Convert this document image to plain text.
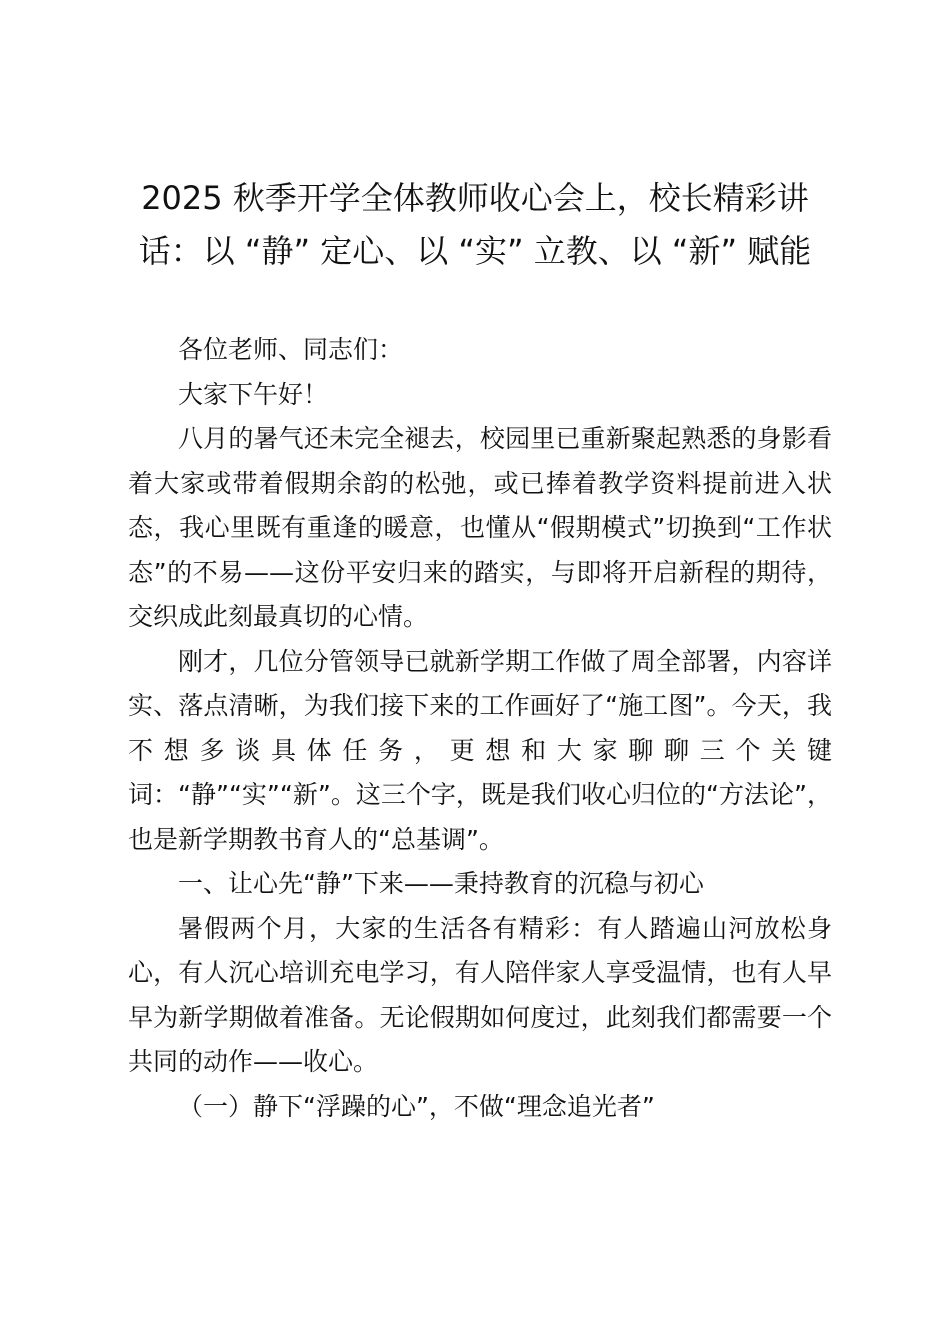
2025 秋季开学全体教师收心会上，校长精彩讲话：以 “静” 定心、以 “实” 立教、以 “新” 赋能

各位老师、同志们：

大家下午好！

八月的暑气还未完全褪去，校园里已重新聚起熟悉的身影看着大家或带着假期余韵的松弛，或已捧着教学资料提前进入状态，我心里既有重逢的暖意，也懂从“假期模式”切换到“工作状态”的不易——这份平安归来的踏实，与即将开启新程的期待，交织成此刻最真切的心情。

刚才，几位分管领导已就新学期工作做了周全部署，内容详实、落点清晰，为我们接下来的工作画好了“施工图”。今天，我不想多谈具体任务，更想和大家聊聊三个关键词：“静”“实”“新”。这三个字，既是我们收心归位的“方法论”，也是新学期教书育人的“总基调”。

一、让心先“静”下来——秉持教育的沉稳与初心

暑假两个月，大家的生活各有精彩：有人踏遍山河放松身心，有人沉心培训充电学习，有人陪伴家人享受温情，也有人早早为新学期做着准备。无论假期如何度过，此刻我们都需要一个共同的动作——收心。

（一）静下“浮躁的心”，不做“理念追光者”
